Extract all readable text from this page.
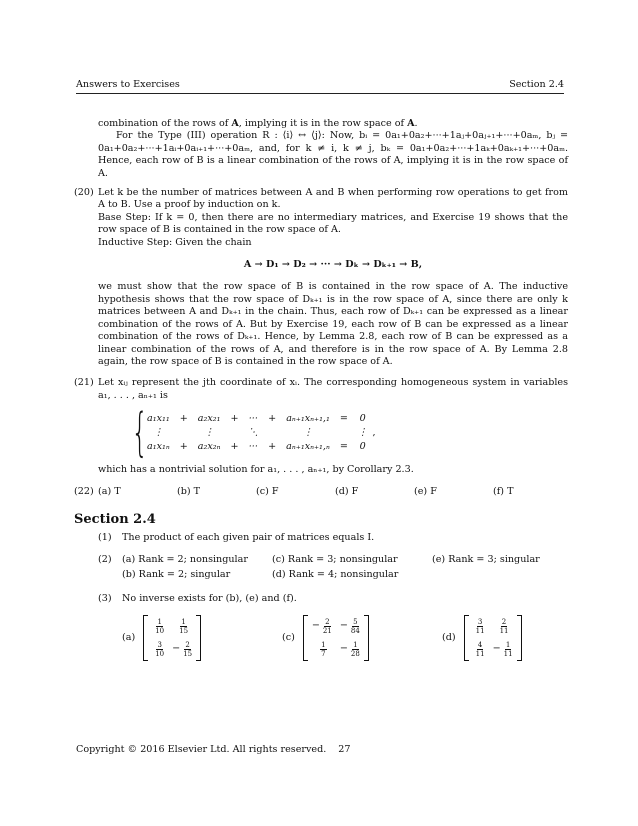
Answers to Exercises	Section 2.4

combination of the rows of A, implying it is in the row space of A.

For the Type (III) operation R : ⟨i⟩ ↔ ⟨j⟩: Now, bᵢ = 0a₁+0a₂+···+1aⱼ+0aⱼ₊₁+···+0aₘ, bⱼ = 0a₁+0a₂+···+1aᵢ+0aᵢ₊₁+···+0aₘ, and, for k ≠ i, k ≠ j, bₖ = 0a₁+0a₂+···+1aₖ+0aₖ₊₁+···+0aₘ. Hence, each row of B is a linear combination of the rows of A, implying it is in the row space of A.

(20) Let k be the number of matrices between A and B when performing row operations to get from A to B. Use a proof by induction on k.

Base Step: If k = 0, then there are no intermediary matrices, and Exercise 19 shows that the row space of B is contained in the row space of A.

Inductive Step: Given the chain

A → D₁ → D₂ → ··· → Dₖ → Dₖ₊₁ → B,

we must show that the row space of B is contained in the row space of A. The inductive hypothesis shows that the row space of Dₖ₊₁ is in the row space of A, since there are only k matrices between A and Dₖ₊₁ in the chain. Thus, each row of Dₖ₊₁ can be expressed as a linear combination of the rows of A. But by Exercise 19, each row of B can be expressed as a linear combination of the rows of Dₖ₊₁. Hence, by Lemma 2.8, each row of B can be expressed as a linear combination of the rows of A, and therefore is in the row space of A. By Lemma 2.8 again, the row space of B is contained in the row space of A.

(21) Let xᵢⱼ represent the jth coordinate of xᵢ. The corresponding homogeneous system in variables a₁, . . . , aₙ₊₁ is

{
a₁x₁₁	+	a₂x₂₁	+	···	+	aₙ₊₁xₙ₊₁,₁	=	0
⋮		⋮		⋱		⋮		⋮
a₁x₁ₙ	+	a₂x₂ₙ	+	···	+	aₙ₊₁xₙ₊₁,ₙ	=	0
,

which has a nontrivial solution for a₁, . . . , aₙ₊₁, by Corollary 2.3.

(22) (a) T	(b) T	(c) F	(d) F	(e) F	(f) T
Section 2.4
(1)	The product of each given pair of matrices equals I.
(2)	(a) Rank = 2; nonsingular	(c) Rank = 3; nonsingular	(e) Rank = 3; singular
(b) Rank = 2; singular	(d) Rank = 4; nonsingular
(3)	No inverse exists for (b), (e) and (f).

(a)
$\frac{1}{10} \frac{1}{15}$
$\frac{3}{10} - \frac{2}{15}$
(c)
− $\frac{2}{21} - \frac{5}{84}$
$\frac{1}{7} - \frac{1}{28}$
(d)
$\frac{3}{11} \frac{2}{11}$
$\frac{4}{11} - \frac{1}{11}$
Copyright © 2016 Elsevier Ltd. All rights reserved. 27
